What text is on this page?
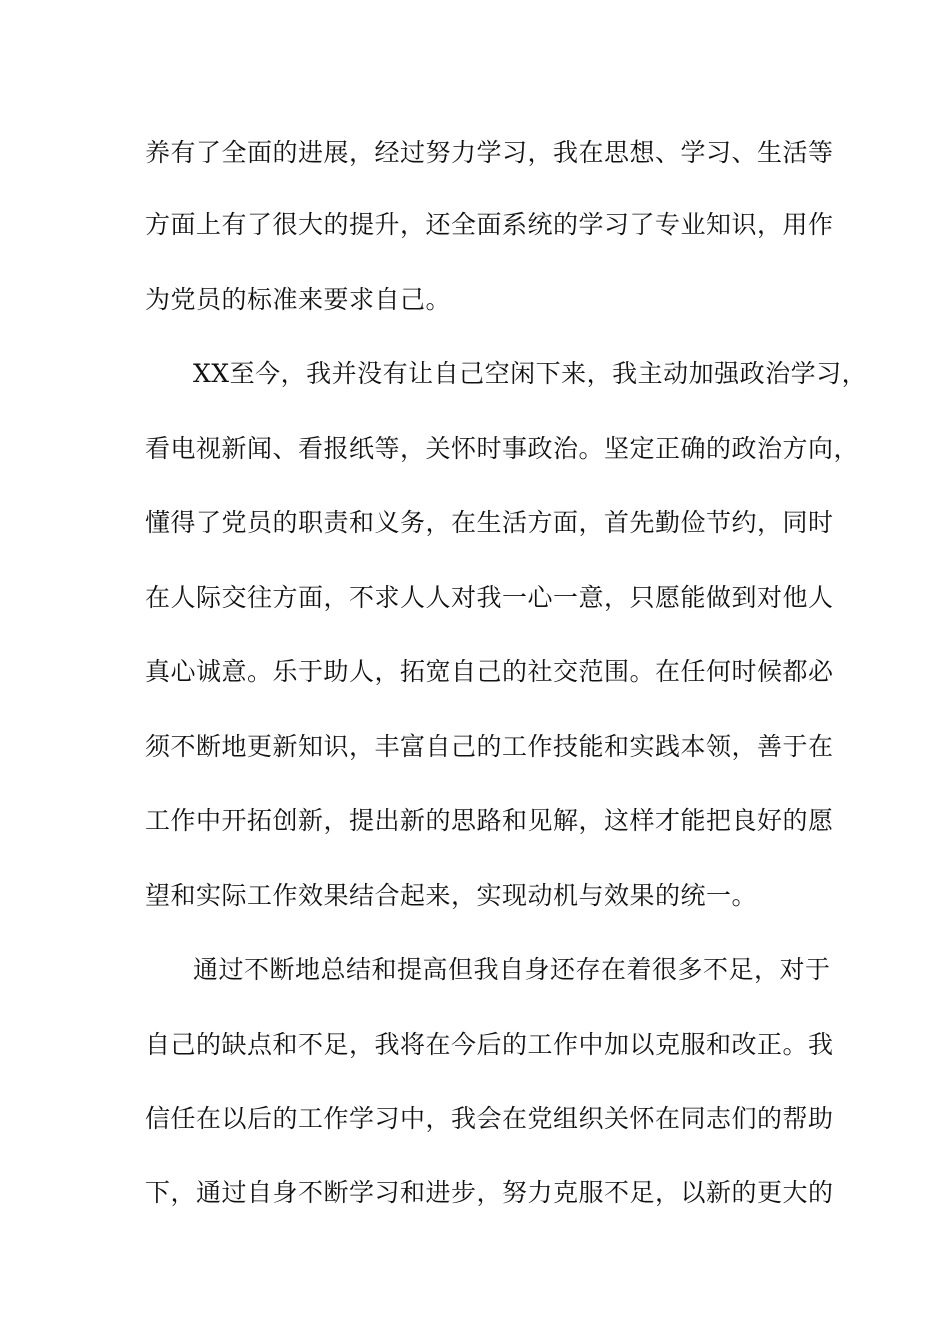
养有了全面的进展，经过努力学习，我在思想、学习、生活等
方面上有了很大的提升，还全面系统的学习了专业知识，用作
为党员的标准来要求自己。
XX至今，我并没有让自己空闲下来，我主动加强政治学习，
看电视新闻、看报纸等，关怀时事政治。坚定正确的政治方向，
懂得了党员的职责和义务，在生活方面，首先勤俭节约，同时
在人际交往方面，不求人人对我一心一意，只愿能做到对他人
真心诚意。乐于助人，拓宽自己的社交范围。在任何时候都必
须不断地更新知识，丰富自己的工作技能和实践本领，善于在
工作中开拓创新，提出新的思路和见解，这样才能把良好的愿
望和实际工作效果结合起来，实现动机与效果的统一。
通过不断地总结和提高但我自身还存在着很多不足，对于
自己的缺点和不足，我将在今后的工作中加以克服和改正。我
信任在以后的工作学习中，我会在党组织关怀在同志们的帮助
下，通过自身不断学习和进步，努力克服不足，以新的更大的
